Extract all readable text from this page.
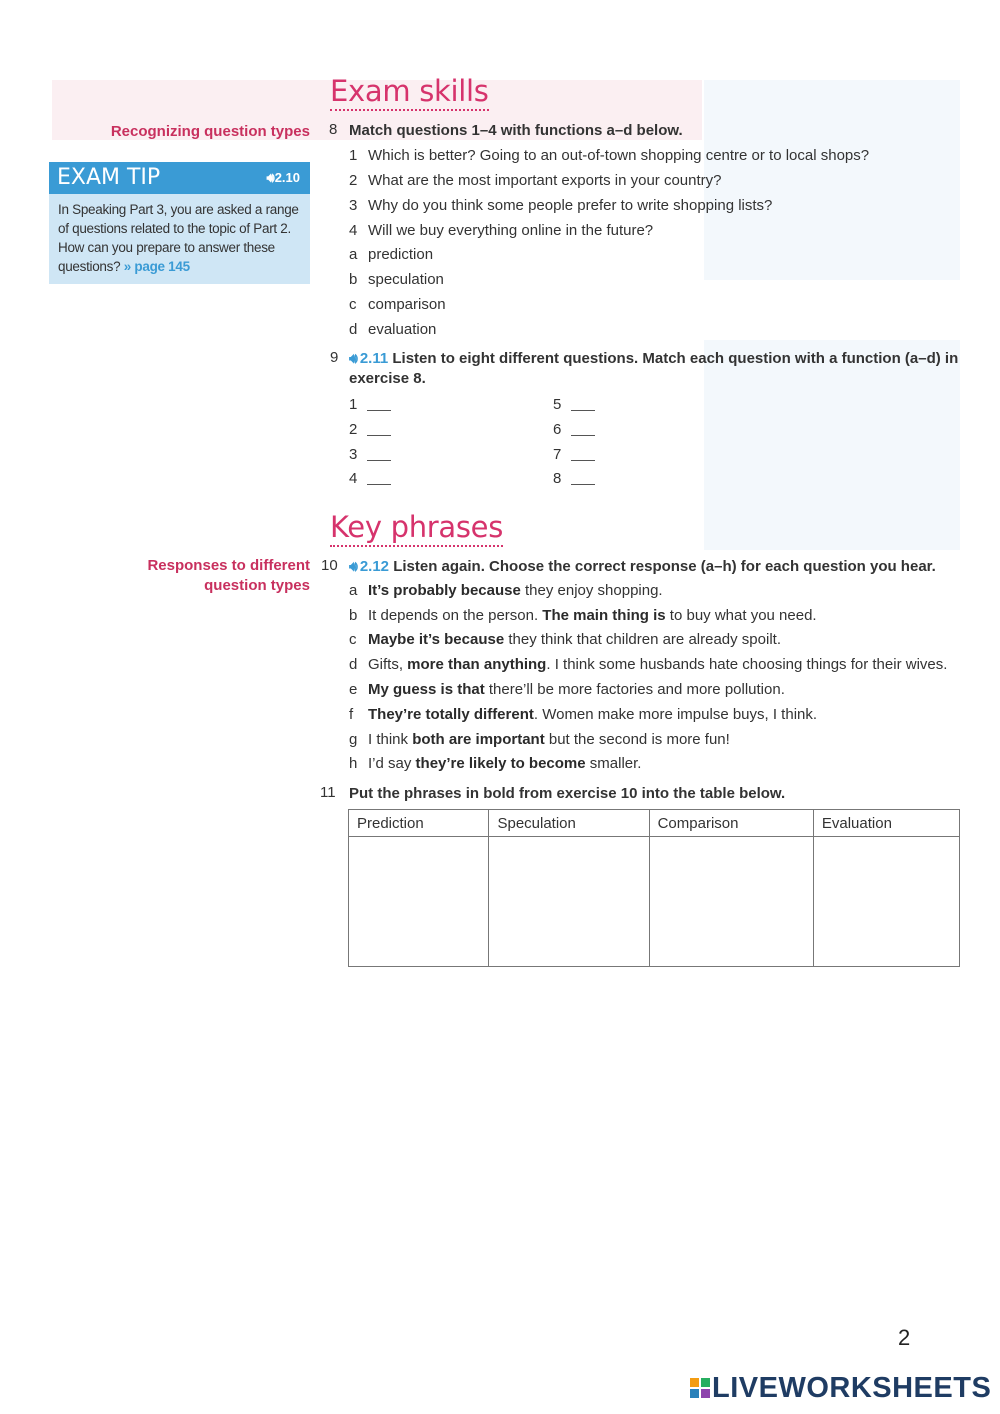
Exam skills
Recognizing question types 8 Match questions 1–4 with functions a–d below.
1 Which is better? Going to an out-of-town shopping centre or to local shops?
2 What are the most important exports in your country?
3 Why do you think some people prefer to write shopping lists?
4 Will we buy everything online in the future?
a prediction
b speculation
c comparison
d evaluation
EXAM TIP	🔊︎2.10
In Speaking Part 3, you are asked a range of questions related to the topic of Part 2. How can you prepare to answer these questions? » page 145
9 🔊︎ 2.11 Listen to eight different questions. Match each question with a function (a–d) in
exercise 8.
1
2
3
4
5
6
7
8
Key phrases
Responses to different
question types
10 🔊︎ 2.12 Listen again. Choose the correct response (a–h) for each question you hear.
a It’s probably because they enjoy shopping.
b It depends on the person. The main thing is to buy what you need.
c Maybe it’s because they think that children are already spoilt.
d Gifts, more than anything. I think some husbands hate choosing things for their wives.
e My guess is that there’ll be more factories and more pollution.
f They’re totally different. Women make more impulse buys, I think.
g I think both are important but the second is more fun!
h I’d say they’re likely to become smaller.
11 Put the phrases in bold from exercise 10 into the table below.
Prediction	Speculation	Comparison	Evaluation

2
LIVEWORKSHEETS
